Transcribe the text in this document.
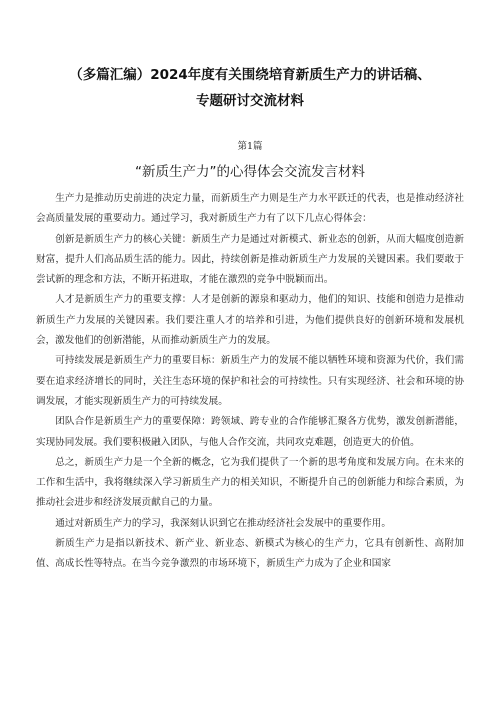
（多篇汇编）2024年度有关围绕培育新质生产力的讲话稿、
专题研讨交流材料
第1篇
“新质生产力”的心得体会交流发言材料

生产力是推动历史前进的决定力量，而新质生产力则是生产力水平跃迁的代表，也是推动经济社会高质量发展的重要动力。通过学习，我对新质生产力有了以下几点心得体会：

创新是新质生产力的核心关键：新质生产力是通过对新模式、新业态的创新，从而大幅度创造新财富，提升人们高品质生活的能力。因此，持续创新是推动新质生产力发展的关键因素。我们要敢于尝试新的理念和方法，不断开拓进取，才能在激烈的竞争中脱颖而出。

人才是新质生产力的重要支撑：人才是创新的源泉和驱动力，他们的知识、技能和创造力是推动新质生产力发展的关键因素。我们要注重人才的培养和引进，为他们提供良好的创新环境和发展机会，激发他们的创新潜能，从而推动新质生产力的发展。

可持续发展是新质生产力的重要目标：新质生产力的发展不能以牺牲环境和资源为代价，我们需要在追求经济增长的同时，关注生态环境的保护和社会的可持续性。只有实现经济、社会和环境的协调发展，才能实现新质生产力的可持续发展。

团队合作是新质生产力的重要保障：跨领域、跨专业的合作能够汇聚各方优势，激发创新潜能，实现协同发展。我们要积极融入团队，与他人合作交流，共同攻克难题，创造更大的价值。

总之，新质生产力是一个全新的概念，它为我们提供了一个新的思考角度和发展方向。在未来的工作和生活中，我将继续深入学习新质生产力的相关知识，不断提升自己的创新能力和综合素质，为推动社会进步和经济发展贡献自己的力量。

通过对新质生产力的学习，我深刻认识到它在推动经济社会发展中的重要作用。

新质生产力是指以新技术、新产业、新业态、新模式为核心的生产力，它具有创新性、高附加值、高成长性等特点。在当今竞争激烈的市场环境下，新质生产力成为了企业和国家
